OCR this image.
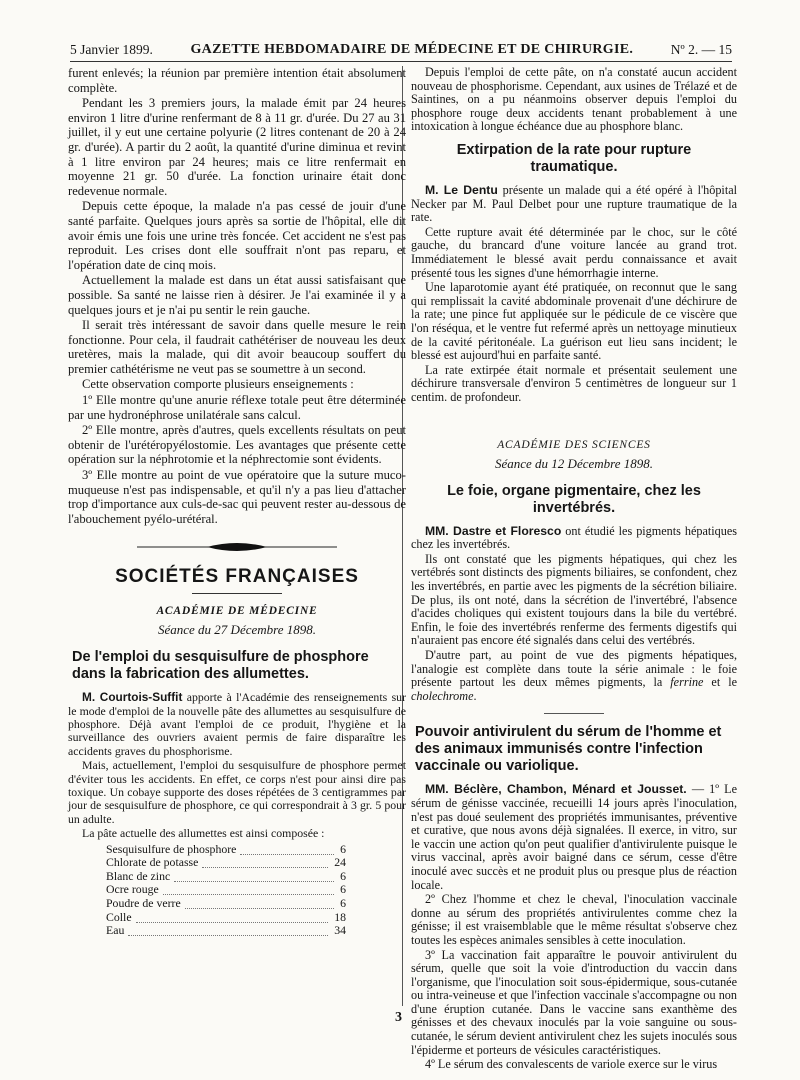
5 Janvier 1899.	GAZETTE HEBDOMADAIRE DE MÉDECINE ET DE CHIRURGIE.	Nº 2. — 15

furent enlevés; la réunion par première intention était absolument complète.

Pendant les 3 premiers jours, la malade émit par 24 heures environ 1 litre d'urine renfermant de 8 à 11 gr. d'urée. Du 27 au 31 juillet, il y eut une certaine polyurie (2 litres contenant de 20 à 24 gr. d'urée). A partir du 2 août, la quantité d'urine diminua et revint à 1 litre environ par 24 heures; mais ce litre renfermait en moyenne 21 gr. 50 d'urée. La fonction urinaire était donc redevenue normale.

Depuis cette époque, la malade n'a pas cessé de jouir d'une santé parfaite. Quelques jours après sa sortie de l'hôpital, elle dit avoir émis une fois une urine très foncée. Cet accident ne s'est pas reproduit. Les crises dont elle souffrait n'ont pas reparu, et l'opération date de cinq mois.

Actuellement la malade est dans un état aussi satisfaisant que possible. Sa santé ne laisse rien à désirer. Je l'ai examinée il y a quelques jours et je n'ai pu sentir le rein gauche.

Il serait très intéressant de savoir dans quelle mesure le rein fonctionne. Pour cela, il faudrait cathétériser de nouveau les deux uretères, mais la malade, qui dit avoir beaucoup souffert du premier cathétérisme ne veut pas se soumettre à un second.

Cette observation comporte plusieurs enseignements :

1º Elle montre qu'une anurie réflexe totale peut être déterminée par une hydronéphrose unilatérale sans calcul.

2º Elle montre, après d'autres, quels excellents résultats on peut obtenir de l'urétéropyélostomie. Les avantages que présente cette opération sur la néphrotomie et la néphrectomie sont évidents.

3º Elle montre au point de vue opératoire que la suture muco-muqueuse n'est pas indispensable, et qu'il n'y a pas lieu d'attacher trop d'importance aux culs-de-sac qui peuvent rester au-dessous de l'abouchement pyélo-urétéral.

SOCIÉTÉS FRANÇAISES
ACADÉMIE DE MÉDECINE
Séance du 27 Décembre 1898.
De l'emploi du sesquisulfure de phosphore dans la fabrication des allumettes.

M. Courtois-Suffit apporte à l'Académie des renseignements sur le mode d'emploi de la nouvelle pâte des allumettes au sesquisulfure de phosphore. Déjà avant l'emploi de ce produit, l'hygiène et la surveillance des ouvriers avaient permis de faire disparaître les accidents graves du phosphorisme.

Mais, actuellement, l'emploi du sesquisulfure de phosphore permet d'éviter tous les accidents. En effet, ce corps n'est pour ainsi dire pas toxique. Un cobaye supporte des doses répétées de 3 centigrammes par jour de sesquisulfure de phosphore, ce qui correspondrait à 3 gr. 5 pour un adulte.

La pâte actuelle des allumettes est ainsi composée :

Sesquisulfure de phosphore	6
Chlorate de potasse	24
Blanc de zinc	6
Ocre rouge	6
Poudre de verre	6
Colle	18
Eau	34

Depuis l'emploi de cette pâte, on n'a constaté aucun accident nouveau de phosphorisme. Cependant, aux usines de Trélazé et de Saintines, on a pu néanmoins observer depuis l'emploi du phosphore rouge deux accidents tenant probablement à une intoxication à longue échéance due au phosphore blanc.

Extirpation de la rate pour rupture traumatique.

M. Le Dentu présente un malade qui a été opéré à l'hôpital Necker par M. Paul Delbet pour une rupture traumatique de la rate.

Cette rupture avait été déterminée par le choc, sur le côté gauche, du brancard d'une voiture lancée au grand trot. Immédiatement le blessé avait perdu connaissance et avait présenté tous les signes d'une hémorrhagie interne.

Une laparotomie ayant été pratiquée, on reconnut que le sang qui remplissait la cavité abdominale provenait d'une déchirure de la rate; une pince fut appliquée sur le pédicule de ce viscère que l'on réséqua, et le ventre fut refermé après un nettoyage minutieux de la cavité péritonéale. La guérison eut lieu sans incident; le blessé est aujourd'hui en parfaite santé.

La rate extirpée était normale et présentait seulement une déchirure transversale d'environ 5 centimètres de longueur sur 1 centim. de profondeur.

ACADÉMIE DES SCIENCES
Séance du 12 Décembre 1898.
Le foie, organe pigmentaire, chez les invertébrés.

MM. Dastre et Floresco ont étudié les pigments hépatiques chez les invertébrés.

Ils ont constaté que les pigments hépatiques, qui chez les vertébrés sont distincts des pigments biliaires, se confondent, chez les invertébrés, en partie avec les pigments de la sécrétion biliaire. De plus, ils ont noté, dans la sécrétion de l'invertébré, l'absence d'acides choliques qui existent toujours dans la bile du vertébré. Enfin, le foie des invertébrés renferme des ferments digestifs qui n'auraient pas encore été signalés dans celui des vertébrés.

D'autre part, au point de vue des pigments hépatiques, l'analogie est complète dans toute la série animale : le foie présente partout les deux mêmes pigments, la ferrine et le cholechrome.

Pouvoir antivirulent du sérum de l'homme et des animaux immunisés contre l'infection vaccinale ou variolique.

MM. Béclère, Chambon, Ménard et Jousset. — 1º Le sérum de génisse vaccinée, recueilli 14 jours après l'inoculation, n'est pas doué seulement des propriétés immunisantes, préventive et curative, que nous avons déjà signalées. Il exerce, in vitro, sur le vaccin une action qu'on peut qualifier d'antivirulente puisque le virus vaccinal, après avoir baigné dans ce sérum, cesse d'être inoculé avec succès et ne produit plus ou presque plus de réaction locale.

2º Chez l'homme et chez le cheval, l'inoculation vaccinale donne au sérum des propriétés antivirulentes comme chez la génisse; il est vraisemblable que le même résultat s'observe chez toutes les espèces animales sensibles à cette inoculation.

3º La vaccination fait apparaître le pouvoir antivirulent du sérum, quelle que soit la voie d'introduction du vaccin dans l'organisme, que l'inoculation soit sous-épidermique, sous-cutanée ou intra-veineuse et que l'infection vaccinale s'accompagne ou non d'une éruption cutanée. Dans le vaccine sans exanthème des génisses et des chevaux inoculés par la voie sanguine ou sous-cutanée, le sérum devient antivirulent chez les sujets inoculés sous l'épiderme et porteurs de vésicules caractéristiques.

4º Le sérum des convalescents de variole exerce sur le virus

3
